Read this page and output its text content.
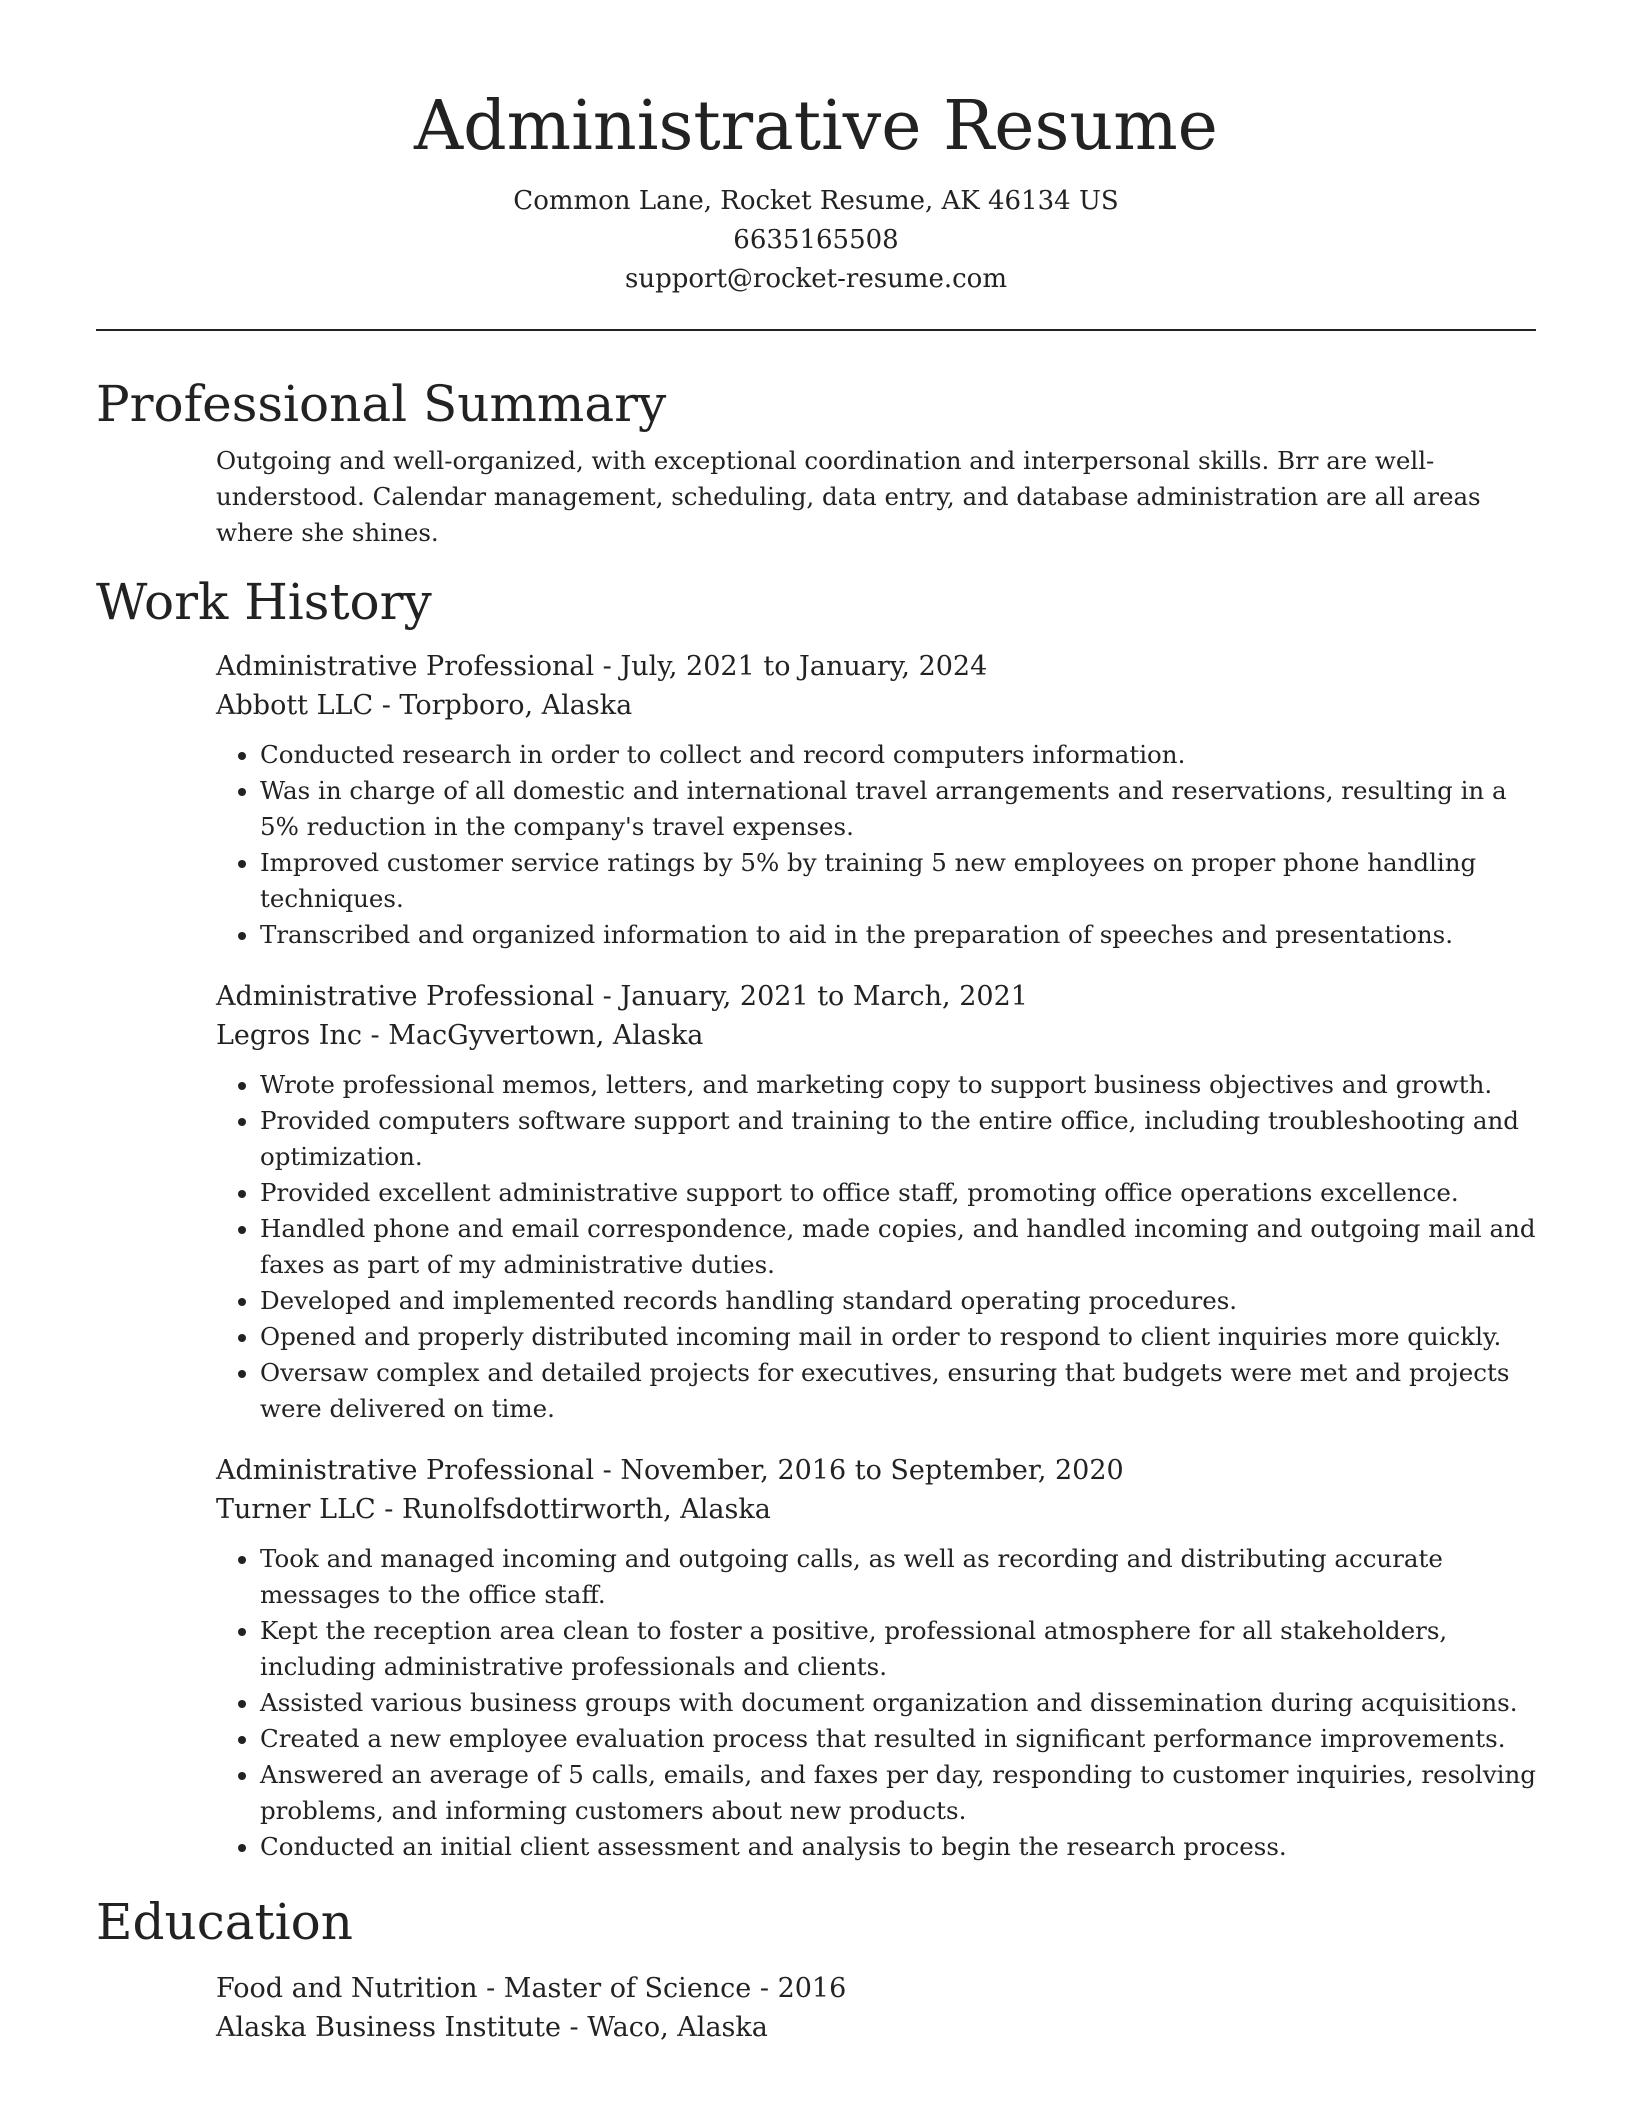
Administrative Resume
Common Lane, Rocket Resume, AK 46134 US
6635165508
support@rocket-resume.com
Professional Summary
Outgoing and well-organized, with exceptional coordination and interpersonal skills. Brr are well-understood. Calendar management, scheduling, data entry, and database administration are all areas where she shines.
Work History
Administrative Professional - July, 2021 to January, 2024
Abbott LLC - Torpboro, Alaska
• Conducted research in order to collect and record computers information.
• Was in charge of all domestic and international travel arrangements and reservations, resulting in a 5% reduction in the company's travel expenses.
• Improved customer service ratings by 5% by training 5 new employees on proper phone handling techniques.
• Transcribed and organized information to aid in the preparation of speeches and presentations.
Administrative Professional - January, 2021 to March, 2021
Legros Inc - MacGyvertown, Alaska
• Wrote professional memos, letters, and marketing copy to support business objectives and growth.
• Provided computers software support and training to the entire office, including troubleshooting and optimization.
• Provided excellent administrative support to office staff, promoting office operations excellence.
• Handled phone and email correspondence, made copies, and handled incoming and outgoing mail and faxes as part of my administrative duties.
• Developed and implemented records handling standard operating procedures.
• Opened and properly distributed incoming mail in order to respond to client inquiries more quickly.
• Oversaw complex and detailed projects for executives, ensuring that budgets were met and projects were delivered on time.
Administrative Professional - November, 2016 to September, 2020
Turner LLC - Runolfsdottirworth, Alaska
• Took and managed incoming and outgoing calls, as well as recording and distributing accurate messages to the office staff.
• Kept the reception area clean to foster a positive, professional atmosphere for all stakeholders, including administrative professionals and clients.
• Assisted various business groups with document organization and dissemination during acquisitions.
• Created a new employee evaluation process that resulted in significant performance improvements.
• Answered an average of 5 calls, emails, and faxes per day, responding to customer inquiries, resolving problems, and informing customers about new products.
• Conducted an initial client assessment and analysis to begin the research process.
Education
Food and Nutrition - Master of Science - 2016
Alaska Business Institute - Waco, Alaska
